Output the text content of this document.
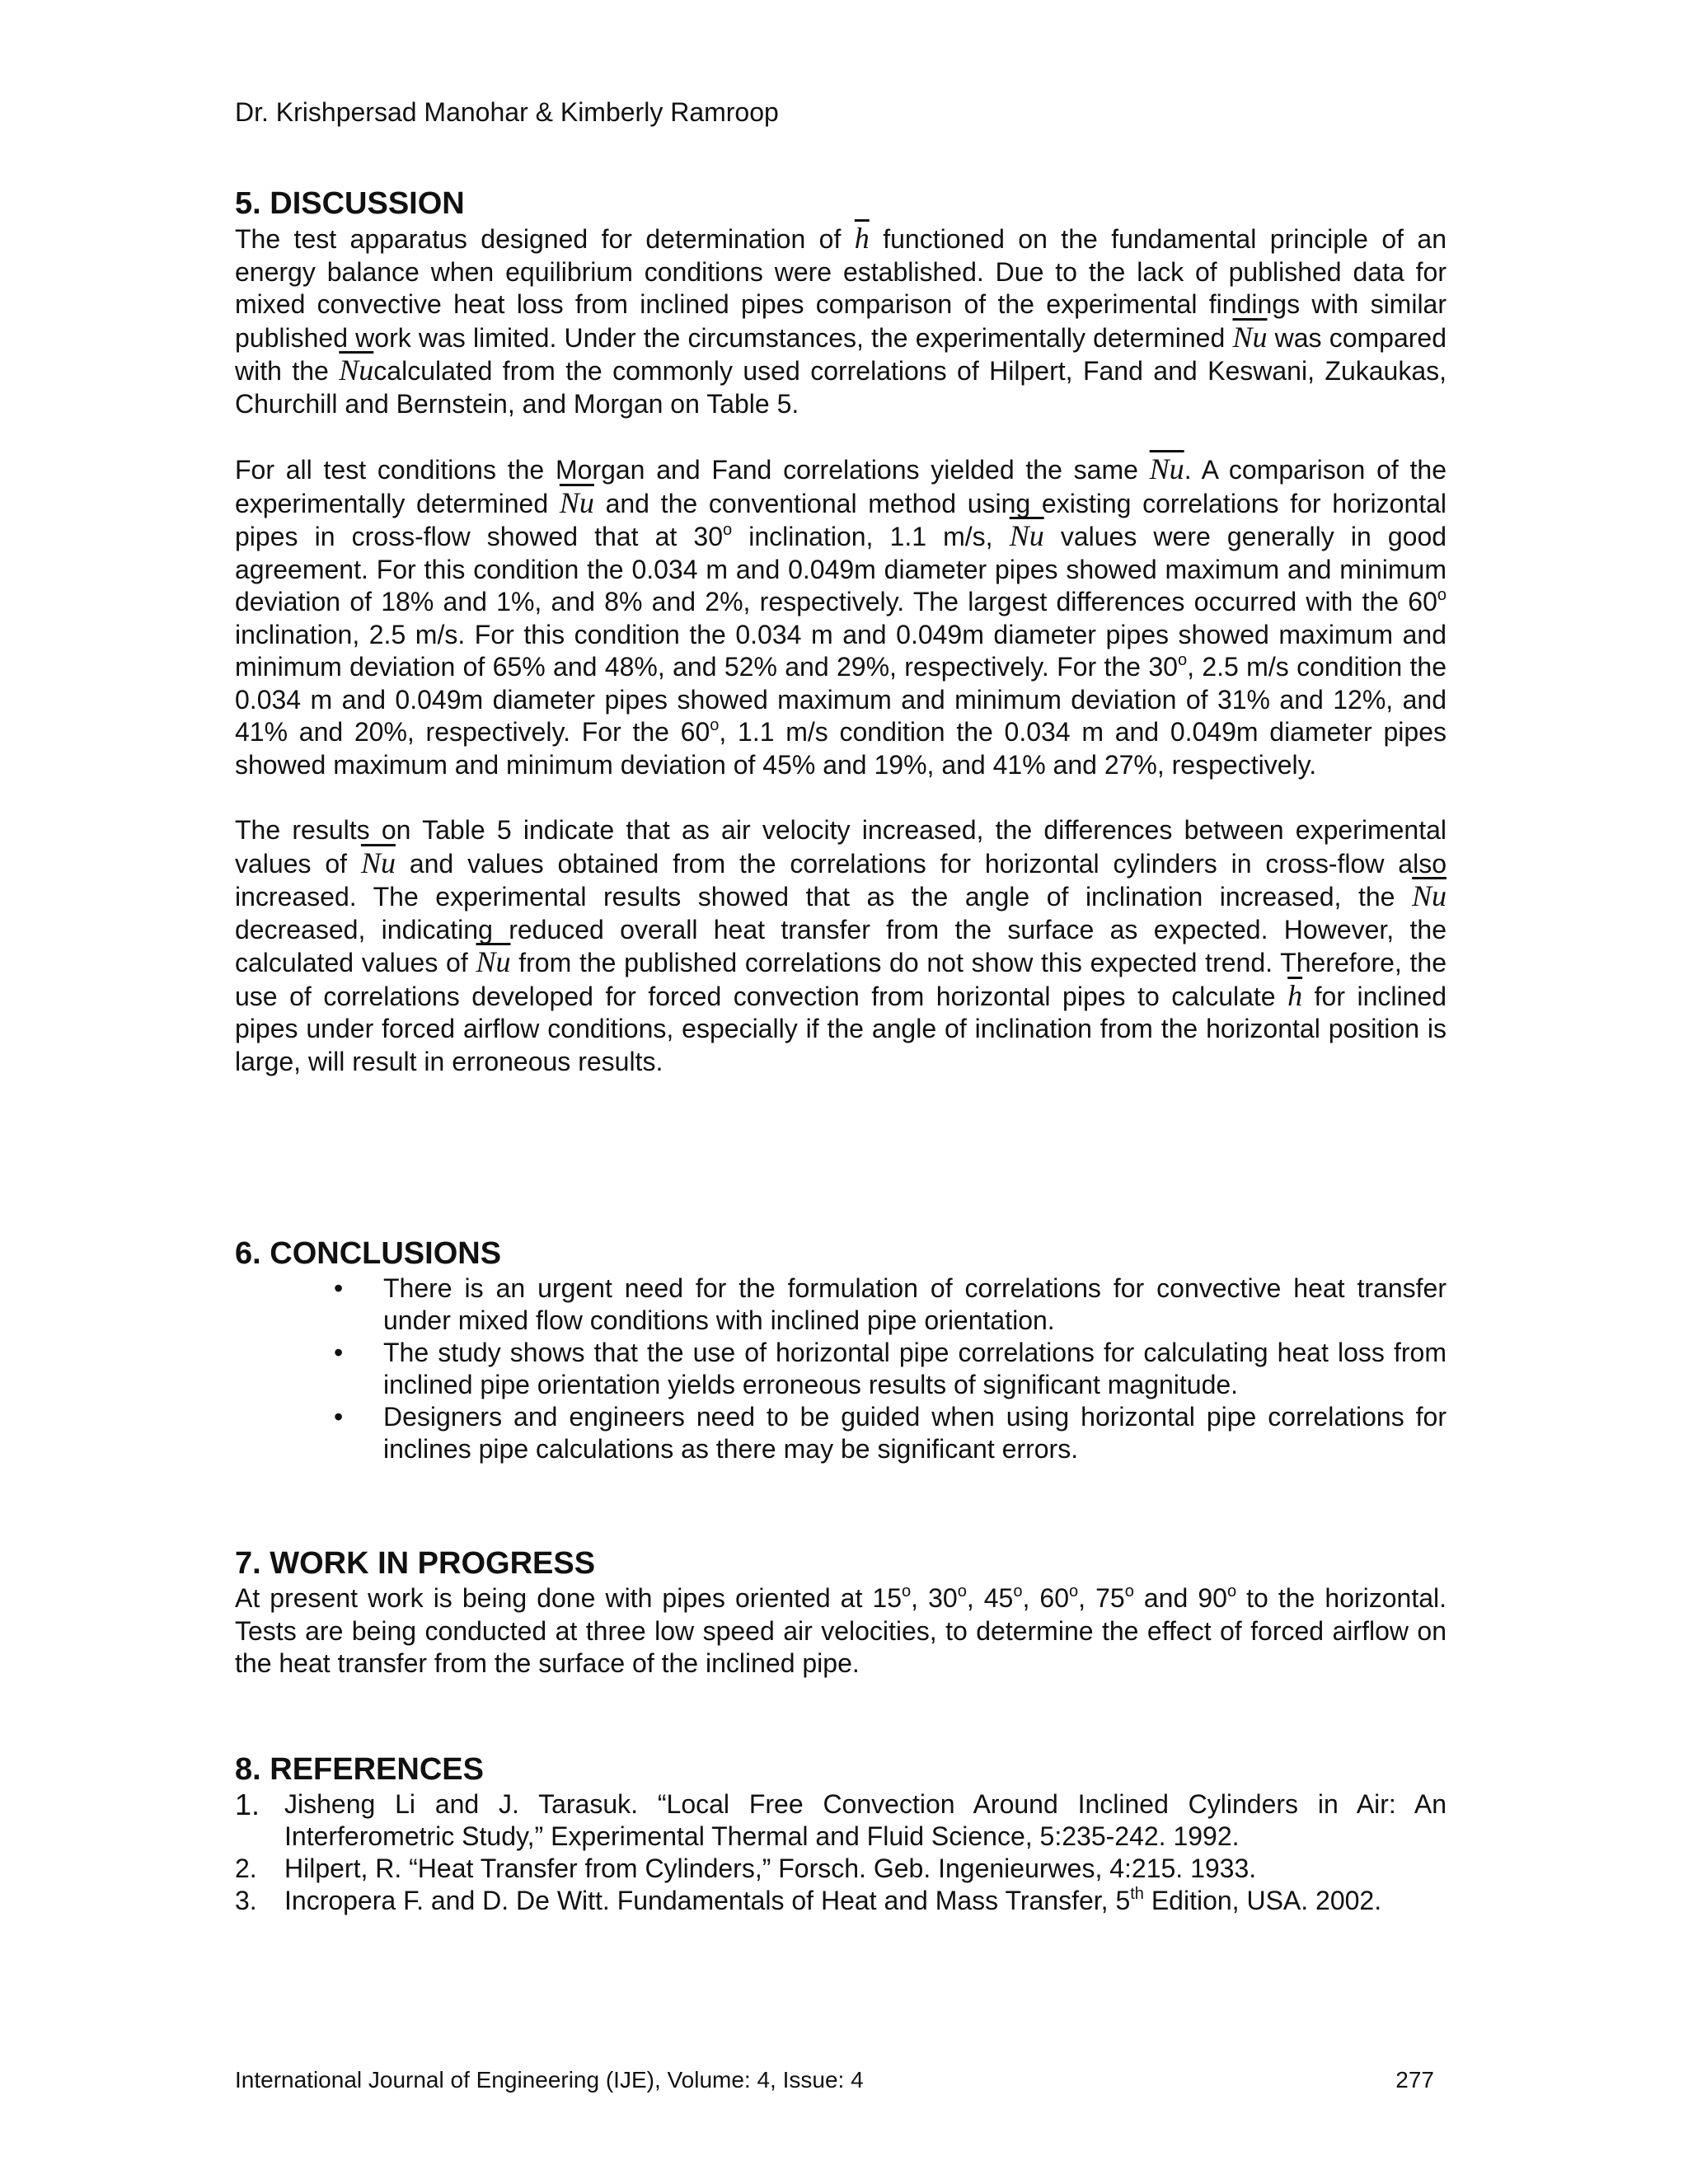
Dr. Krishpersad Manohar & Kimberly Ramroop
5. DISCUSSION

The test apparatus designed for determination of $\overline{h}$ functioned on the fundamental principle of an energy balance when equilibrium conditions were established. Due to the lack of published data for mixed convective heat loss from inclined pipes comparison of the experimental findings with similar published work was limited. Under the circumstances, the experimentally determined $\overline{Nu}$ was compared with the $\overline{Nu}calculated$ from the commonly used correlations of Hilpert, Fand and Keswani, Zukaukas, Churchill and Bernstein, and Morgan on Table 5.

For all test conditions the Morgan and Fand correlations yielded the same $\overline{Nu}$. A comparison of the experimentally determined $\overline{Nu}$ and the conventional method using existing correlations for horizontal pipes in cross-flow showed that at 30$^o$ inclination, 1.1 m/s, $\overline{Nu}$ values were generally in good agreement. For this condition the 0.034 m and 0.049m diameter pipes showed maximum and minimum deviation of 18% and 1%, and 8% and 2%, respectively. The largest differences occurred with the 60$^o$ inclination, 2.5 m/s. For this condition the 0.034 m and 0.049m diameter pipes showed maximum and minimum deviation of 65% and 48%, and 52% and 29%, respectively. For the 30$^o$, 2.5 m/s condition the 0.034 m and 0.049m diameter pipes showed maximum and minimum deviation of 31% and 12%, and 41% and 20%, respectively. For the 60$^o$, 1.1 m/s condition the 0.034 m and 0.049m diameter pipes showed maximum and minimum deviation of 45% and 19%, and 41% and 27%, respectively.

The results on Table 5 indicate that as air velocity increased, the differences between experimental values of $\overline{Nu}$ and values obtained from the correlations for horizontal cylinders in cross-flow also increased. The experimental results showed that as the angle of inclination increased, the $\overline{Nu}$ decreased, indicating reduced overall heat transfer from the surface as expected. However, the calculated values of $\overline{Nu}$ from the published correlations do not show this expected trend. Therefore, the use of correlations developed for forced convection from horizontal pipes to calculate $\overline{h}$ for inclined pipes under forced airflow conditions, especially if the angle of inclination from the horizontal position is large, will result in erroneous results.

6. CONCLUSIONS
• There is an urgent need for the formulation of correlations for convective heat transfer under mixed flow conditions with inclined pipe orientation.
• The study shows that the use of horizontal pipe correlations for calculating heat loss from inclined pipe orientation yields erroneous results of significant magnitude.
• Designers and engineers need to be guided when using horizontal pipe correlations for inclines pipe calculations as there may be significant errors.
7. WORK IN PROGRESS

At present work is being done with pipes oriented at 15$^o$, 30$^o$, 45$^o$, 60$^o$, 75$^o$ and 90$^o$ to the horizontal. Tests are being conducted at three low speed air velocities, to determine the effect of forced airflow on the heat transfer from the surface of the inclined pipe.

8. REFERENCES
1. Jisheng Li and J. Tarasuk. “Local Free Convection Around Inclined Cylinders in Air: An Interferometric Study,” Experimental Thermal and Fluid Science, 5:235-242. 1992.
2. Hilpert, R. “Heat Transfer from Cylinders,” Forsch. Geb. Ingenieurwes, 4:215. 1933.
3. Incropera F. and D. De Witt. Fundamentals of Heat and Mass Transfer, 5th Edition, USA. 2002.
International Journal of Engineering (IJE), Volume: 4, Issue: 4	277
